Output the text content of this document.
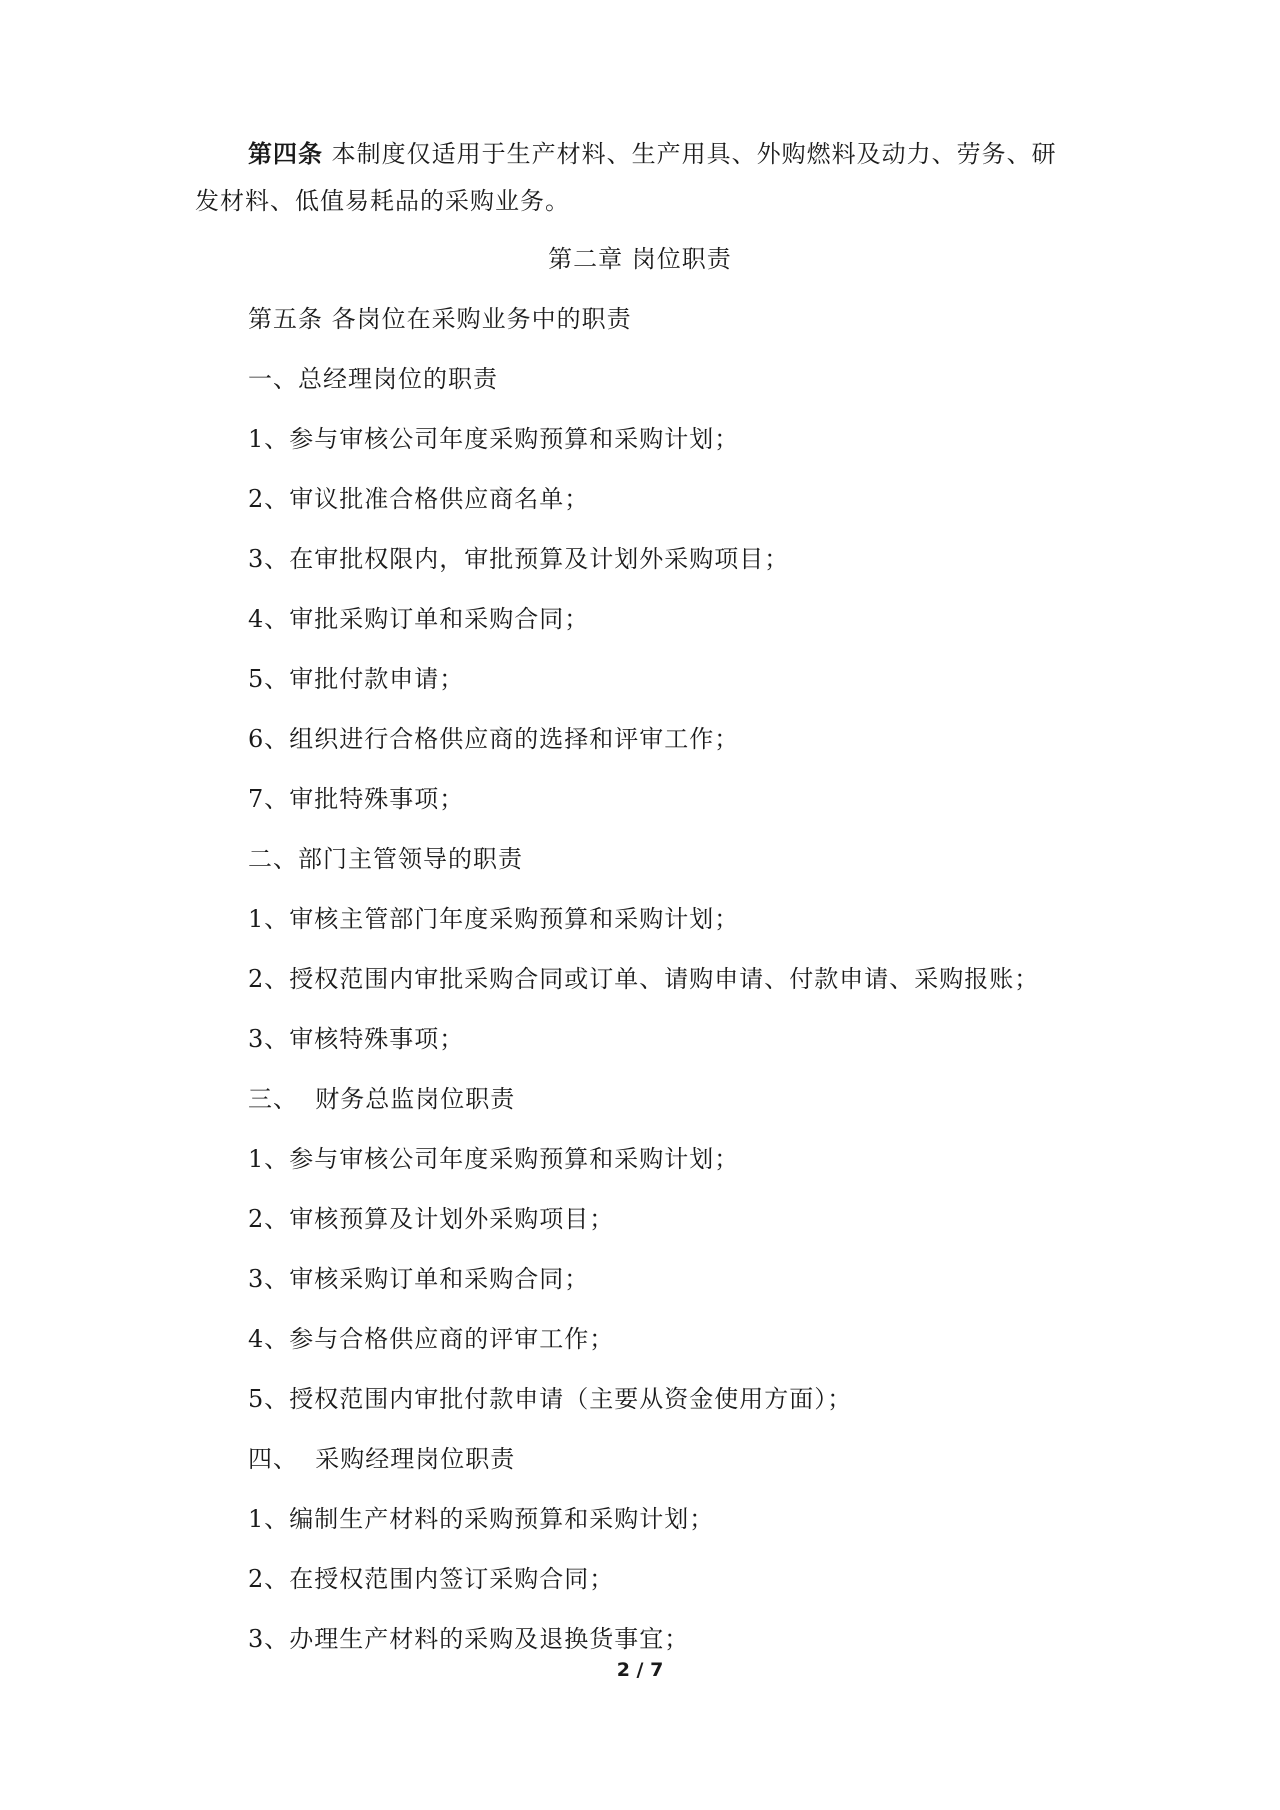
第四条 本制度仅适用于生产材料、生产用具、外购燃料及动力、劳务、研
发材料、低值易耗品的采购业务。
第二章 岗位职责
第五条 各岗位在采购业务中的职责
一、总经理岗位的职责
1、参与审核公司年度采购预算和采购计划；
2、审议批准合格供应商名单；
3、在审批权限内，审批预算及计划外采购项目；
4、审批采购订单和采购合同；
5、审批付款申请；
6、组织进行合格供应商的选择和评审工作；
7、审批特殊事项；
二、部门主管领导的职责
1、审核主管部门年度采购预算和采购计划；
2、授权范围内审批采购合同或订单、请购申请、付款申请、采购报账；
3、审核特殊事项；
三、  财务总监岗位职责
1、参与审核公司年度采购预算和采购计划；
2、审核预算及计划外采购项目；
3、审核采购订单和采购合同；
4、参与合格供应商的评审工作；
5、授权范围内审批付款申请（主要从资金使用方面）；
四、  采购经理岗位职责
1、编制生产材料的采购预算和采购计划；
2、在授权范围内签订采购合同；
3、办理生产材料的采购及退换货事宜；
2 / 7
